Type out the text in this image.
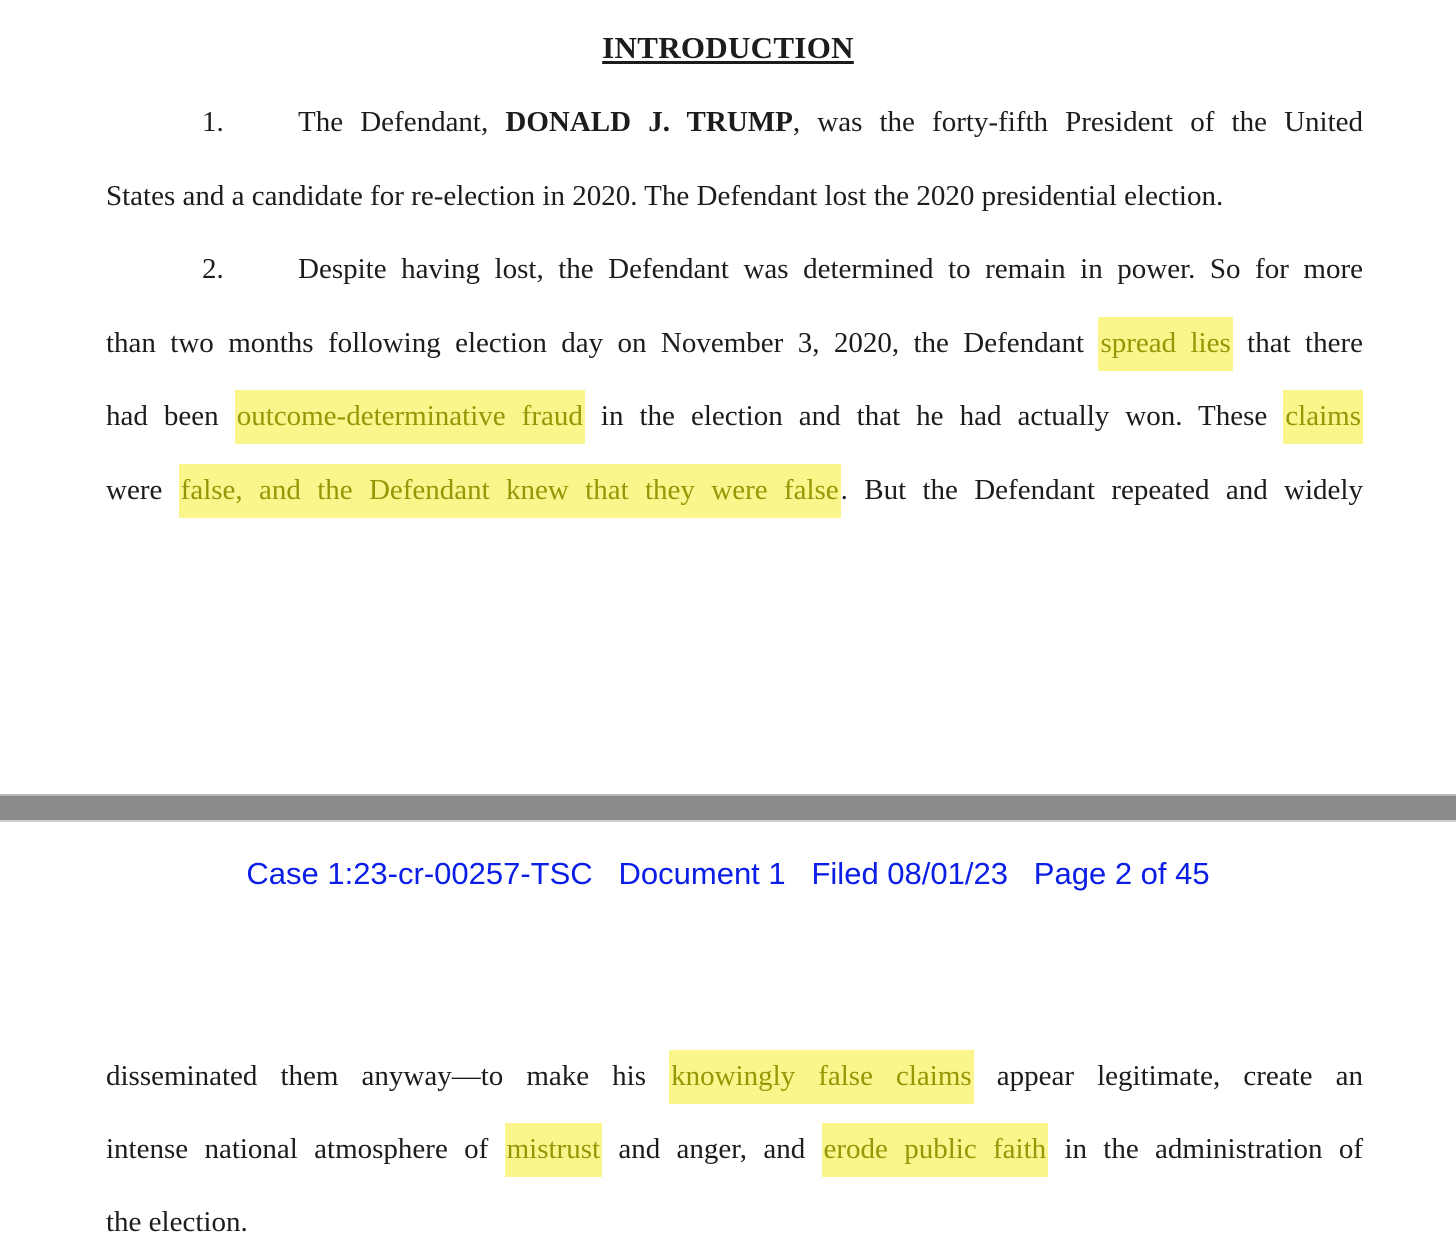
INTRODUCTION
1.	The Defendant, DONALD J. TRUMP, was the forty-fifth President of the United
States and a candidate for re-election in 2020. The Defendant lost the 2020 presidential election.
2.	Despite having lost, the Defendant was determined to remain in power. So for more
than two months following election day on November 3, 2020, the Defendant spread lies that there
had been outcome-determinative fraud in the election and that he had actually won. These claims
were false, and the Defendant knew that they were false. But the Defendant repeated and widely
Case 1:23-cr-00257-TSC   Document 1   Filed 08/01/23   Page 2 of 45
disseminated them anyway—to make his knowingly false claims appear legitimate, create an
intense national atmosphere of mistrust and anger, and erode public faith in the administration of
the election.
